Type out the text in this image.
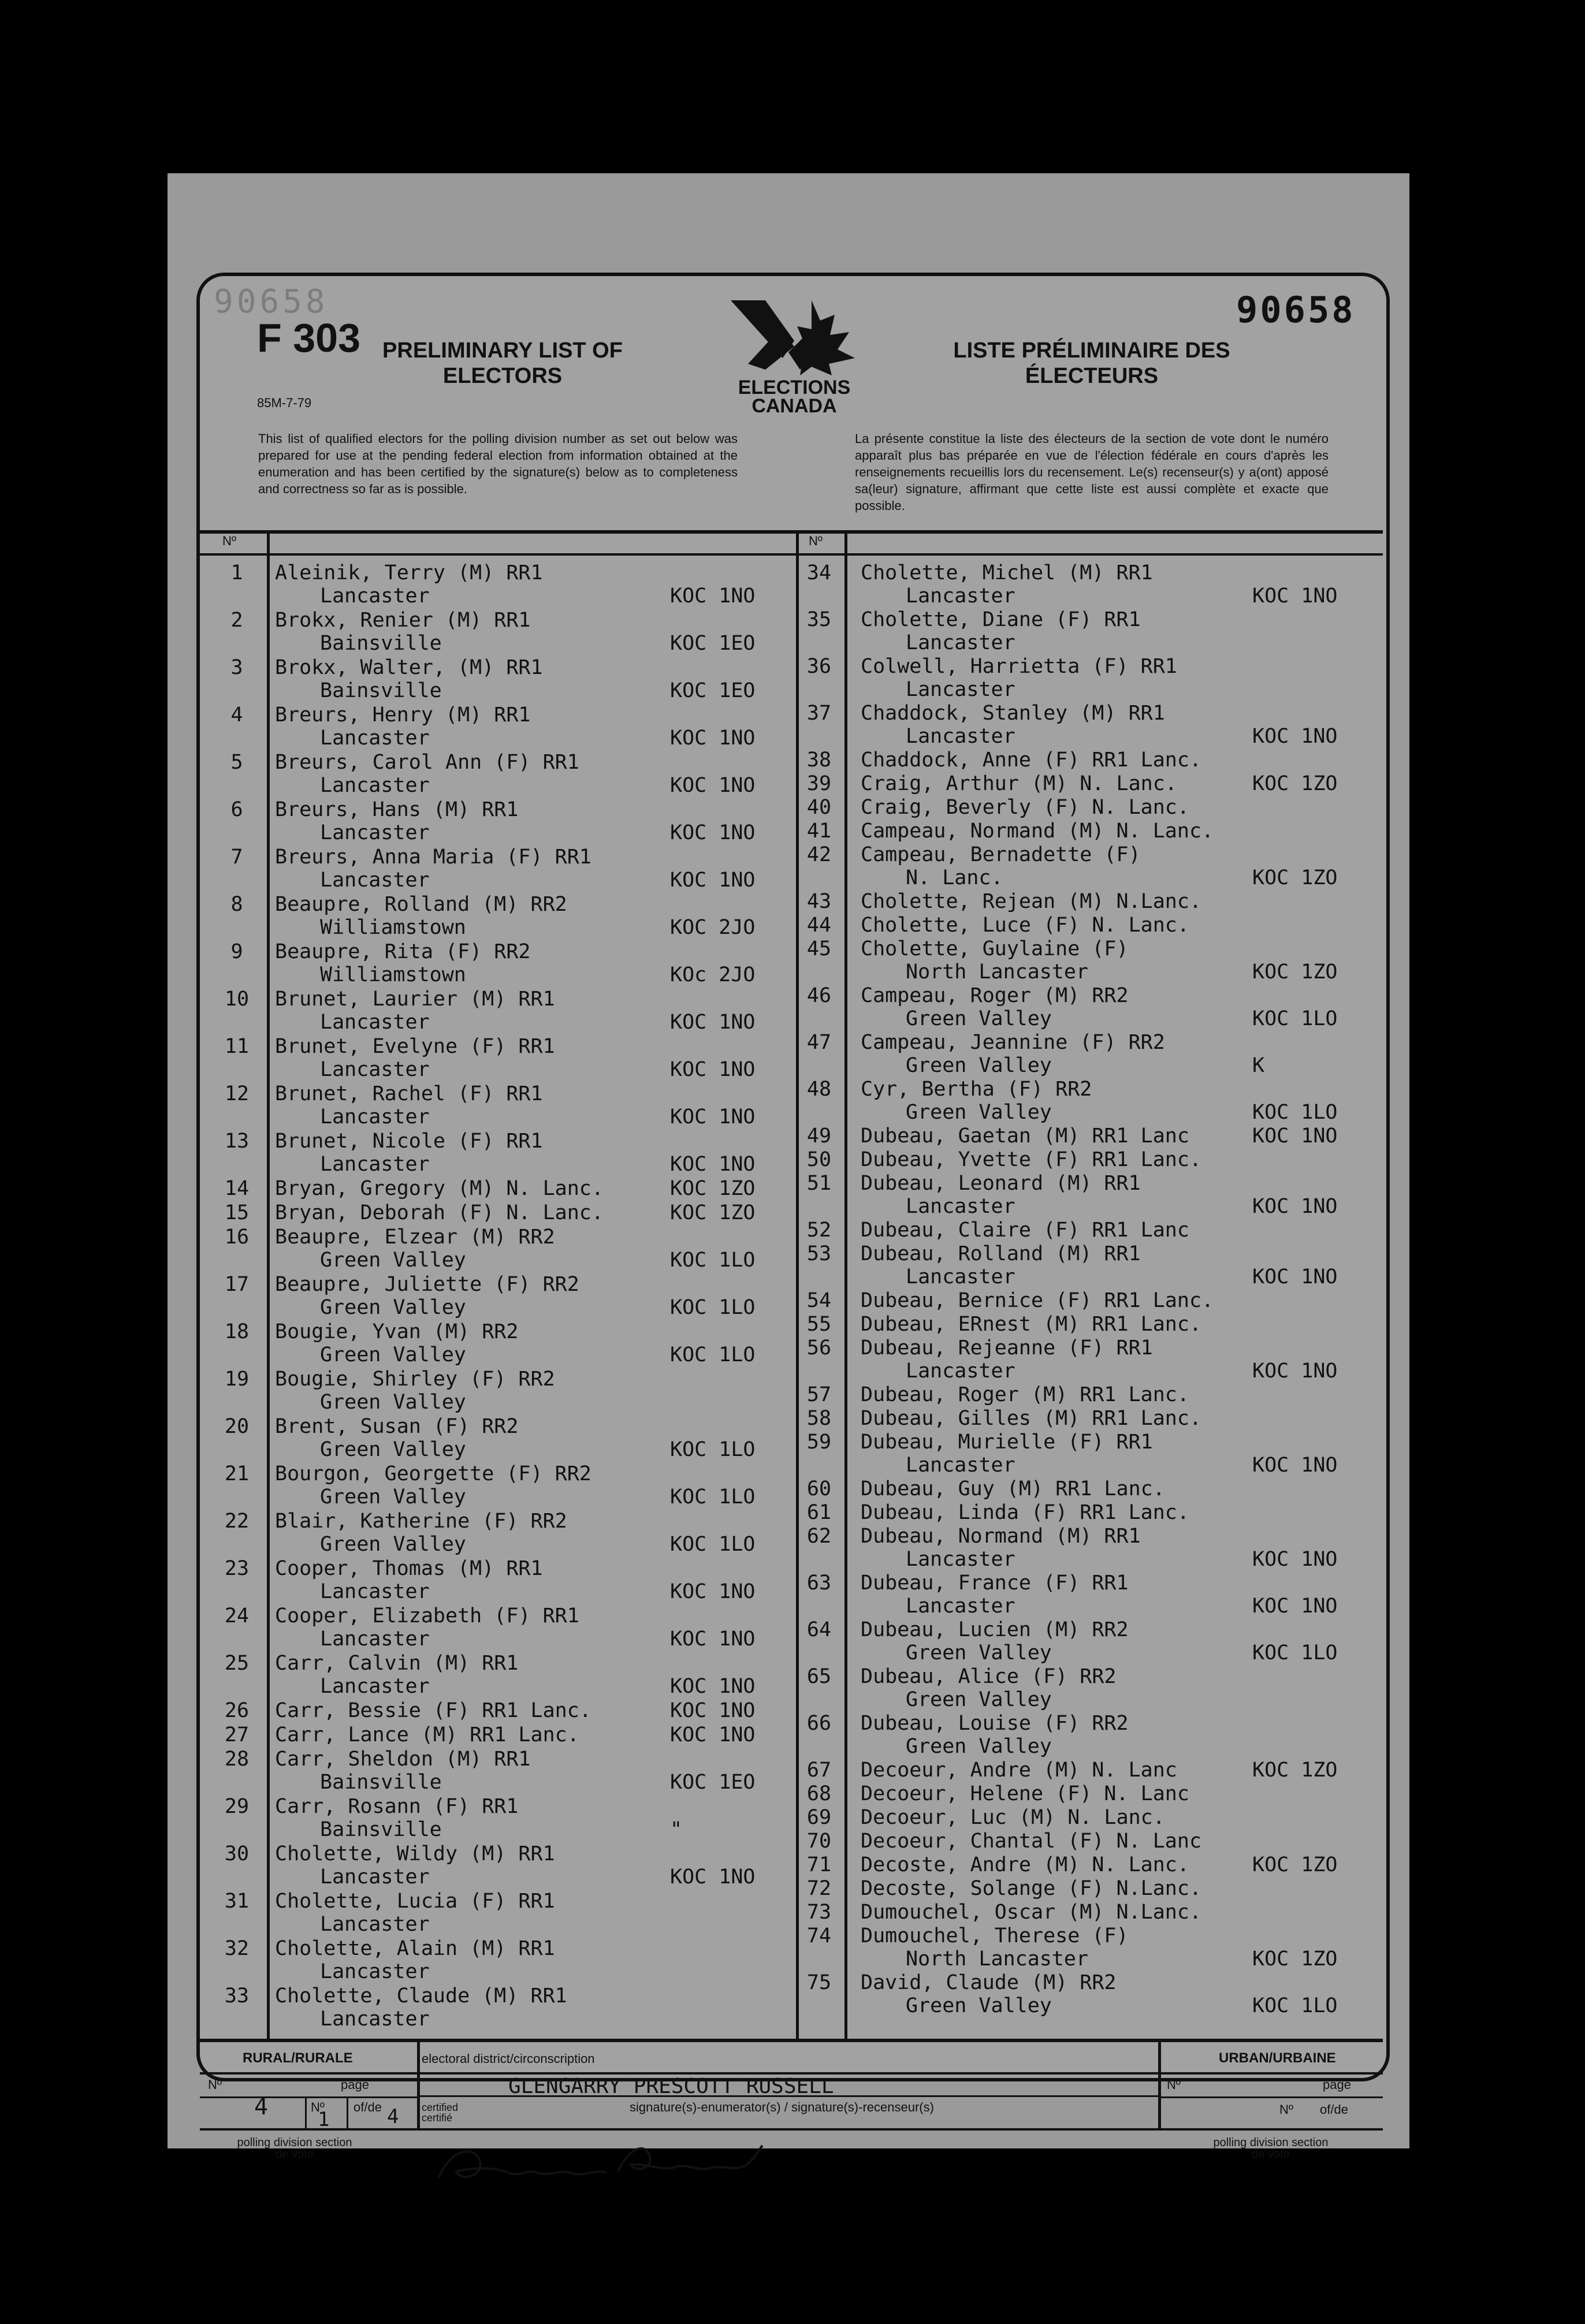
90658
F 303
85M-7-79
90658
PRELIMINARY LIST OF ELECTORS
LISTE PRÉLIMINAIRE DES ÉLECTEURS
ELECTIONS
CANADA
This list of qualified electors for the polling division number as set out below was prepared for use at the pending federal election from information obtained at the enumeration and has been certified by the signature(s) below as to completeness and correctness so far as is possible.
La présente constitue la liste des électeurs de la section de vote dont le numéro apparaît plus bas préparée en vue de l'élection fédérale en cours d'après les renseignements recueillis lors du recensement. Le(s) recenseur(s) y a(ont) apposé sa(leur) signature, affirmant que cette liste est aussi complète et exacte que possible.
Nº	Nº
1	Aleinik, Terry (M) RR1
Lancaster	KOC 1NO
2	Brokx, Renier (M) RR1
Bainsville	KOC 1EO
3	Brokx, Walter, (M) RR1
Bainsville	KOC 1EO
4	Breurs, Henry (M) RR1
Lancaster	KOC 1NO
5	Breurs, Carol Ann (F) RR1
Lancaster	KOC 1NO
6	Breurs, Hans (M) RR1
Lancaster	KOC 1NO
7	Breurs, Anna Maria (F) RR1
Lancaster	KOC 1NO
8	Beaupre, Rolland (M) RR2
Williamstown	KOC 2JO
9	Beaupre, Rita (F) RR2
Williamstown	KOc 2JO
10	Brunet, Laurier (M) RR1
Lancaster	KOC 1NO
11	Brunet, Evelyne (F) RR1
Lancaster	KOC 1NO
12	Brunet, Rachel (F) RR1
Lancaster	KOC 1NO
13	Brunet, Nicole (F) RR1
Lancaster	KOC 1NO
14	Bryan, Gregory (M) N. Lanc.	KOC 1ZO
15	Bryan, Deborah (F) N. Lanc.	KOC 1ZO
16	Beaupre, Elzear (M) RR2
Green Valley	KOC 1LO
17	Beaupre, Juliette (F) RR2
Green Valley	KOC 1LO
18	Bougie, Yvan (M) RR2
Green Valley	KOC 1LO
19	Bougie, Shirley (F) RR2
Green Valley
20	Brent, Susan (F) RR2
Green Valley	KOC 1LO
21	Bourgon, Georgette (F) RR2
Green Valley	KOC 1LO
22	Blair, Katherine (F) RR2
Green Valley	KOC 1LO
23	Cooper, Thomas (M) RR1
Lancaster	KOC 1NO
24	Cooper, Elizabeth (F) RR1
Lancaster	KOC 1NO
25	Carr, Calvin (M) RR1
Lancaster	KOC 1NO
26	Carr, Bessie (F) RR1 Lanc.	KOC 1NO
27	Carr, Lance (M) RR1 Lanc.	KOC 1NO
28	Carr, Sheldon (M) RR1
Bainsville	KOC 1EO
29	Carr, Rosann (F) RR1
Bainsville	"
30	Cholette, Wildy (M) RR1
Lancaster	KOC 1NO
31	Cholette, Lucia (F) RR1
Lancaster
32	Cholette, Alain (M) RR1
Lancaster
33	Cholette, Claude (M) RR1
Lancaster
34	Cholette, Michel (M) RR1
Lancaster	KOC 1NO
35	Cholette, Diane (F) RR1
Lancaster
36	Colwell, Harrietta (F) RR1
Lancaster
37	Chaddock, Stanley (M) RR1
Lancaster	KOC 1NO
38	Chaddock, Anne (F) RR1 Lanc.
39	Craig, Arthur (M) N. Lanc.	KOC 1ZO
40	Craig, Beverly (F) N. Lanc.
41	Campeau, Normand (M) N. Lanc.
42	Campeau, Bernadette (F)
N. Lanc.	KOC 1ZO
43	Cholette, Rejean (M) N.Lanc.
44	Cholette, Luce (F) N. Lanc.
45	Cholette, Guylaine (F)
North Lancaster	KOC 1ZO
46	Campeau, Roger (M) RR2
Green Valley	KOC 1LO
47	Campeau, Jeannine (F) RR2
Green Valley	K
48	Cyr, Bertha (F) RR2
Green Valley	KOC 1LO
49	Dubeau, Gaetan (M) RR1 Lanc	KOC 1NO
50	Dubeau, Yvette (F) RR1 Lanc.
51	Dubeau, Leonard (M) RR1
Lancaster	KOC 1NO
52	Dubeau, Claire (F) RR1 Lanc
53	Dubeau, Rolland (M) RR1
Lancaster	KOC 1NO
54	Dubeau, Bernice (F) RR1 Lanc.
55	Dubeau, ERnest (M) RR1 Lanc.
56	Dubeau, Rejeanne (F) RR1
Lancaster	KOC 1NO
57	Dubeau, Roger (M) RR1 Lanc.
58	Dubeau, Gilles (M) RR1 Lanc.
59	Dubeau, Murielle (F) RR1
Lancaster	KOC 1NO
60	Dubeau, Guy (M) RR1 Lanc.
61	Dubeau, Linda (F) RR1 Lanc.
62	Dubeau, Normand (M) RR1
Lancaster	KOC 1NO
63	Dubeau, France (F) RR1
Lancaster	KOC 1NO
64	Dubeau, Lucien (M) RR2
Green Valley	KOC 1LO
65	Dubeau, Alice (F) RR2
Green Valley
66	Dubeau, Louise (F) RR2
Green Valley
67	Decoeur, Andre (M) N. Lanc	KOC 1ZO
68	Decoeur, Helene (F) N. Lanc
69	Decoeur, Luc (M) N. Lanc.
70	Decoeur, Chantal (F) N. Lanc
71	Decoste, Andre (M) N. Lanc.	KOC 1ZO
72	Decoste, Solange (F) N.Lanc.
73	Dumouchel, Oscar (M) N.Lanc.
74	Dumouchel, Therese (F)
North Lancaster	KOC 1ZO
75	David, Claude (M) RR2
Green Valley	KOC 1LO
RURAL/RURALE	URBAN/URBAINE
electoral district/circonscription
GLENGARRY PRESCOTT RUSSELL
Nº	page
Nº of/de
4	1	4 certified certifié
signature(s)-enumerator(s) / signature(s)-recenseur(s)
Nº	page
Nº of/de
polling division section de vote
polling division section de vote
